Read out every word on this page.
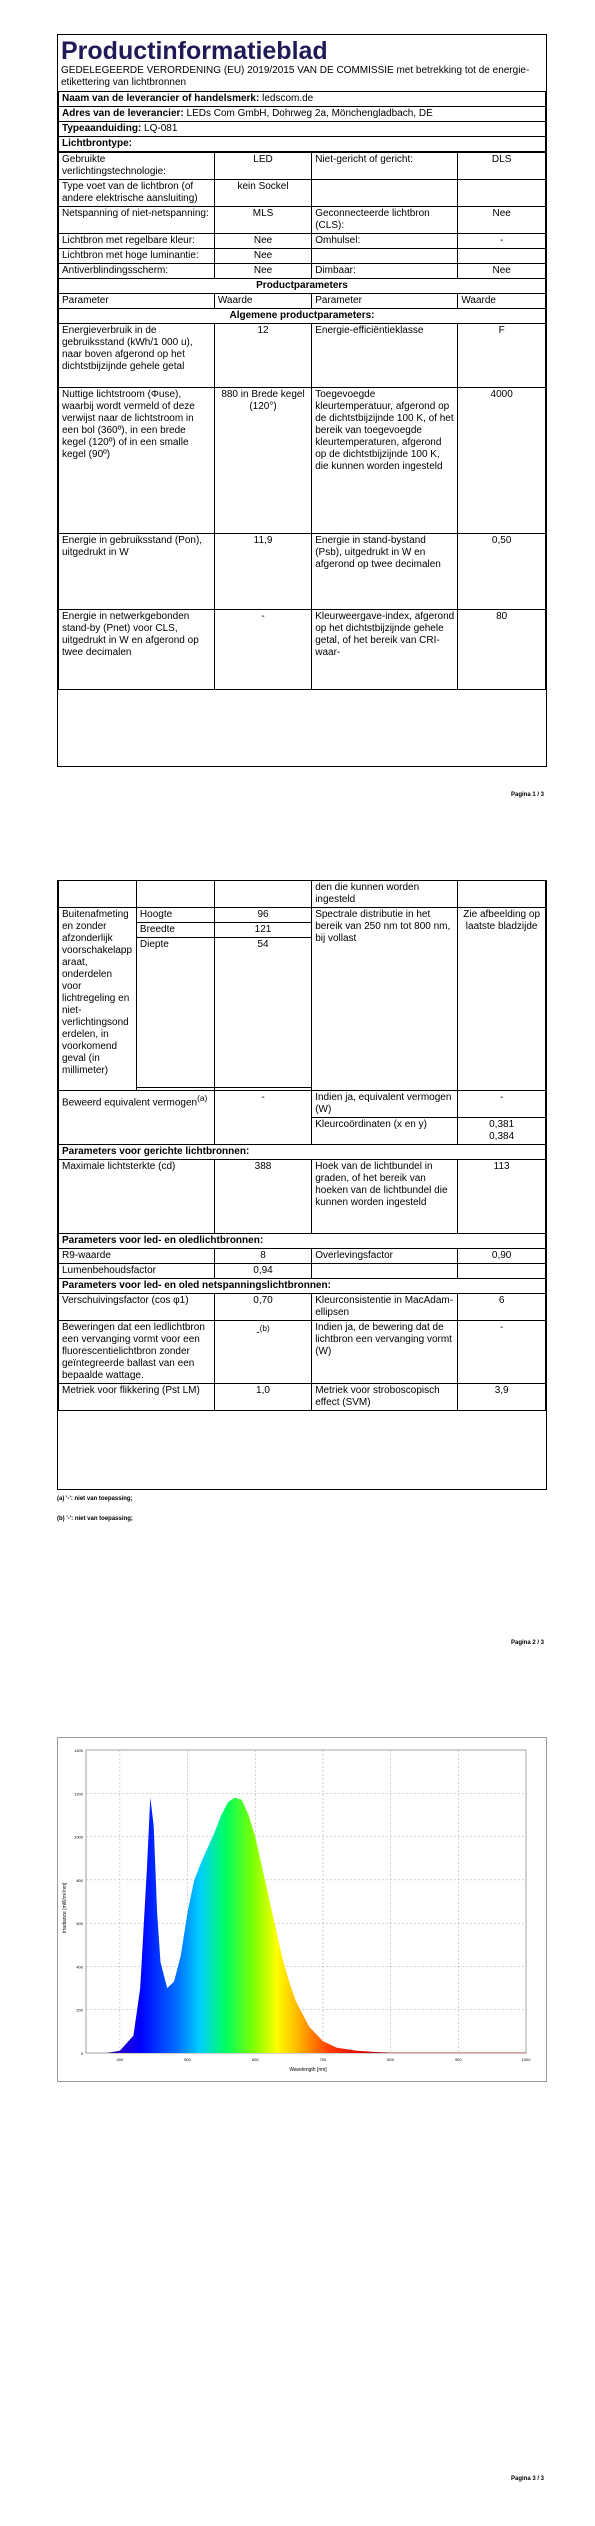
Productinformatieblad
GEDELEGEERDE VERORDENING (EU) 2019/2015 VAN DE COMMISSIE met betrekking tot de energie-etikettering van lichtbronnen
Naam van de leverancier of handelsmerk: ledscom.de
Adres van de leverancier: LEDs Com GmbH, Dohrweg 2a, Mönchengladbach, DE
Typeaanduiding: LQ-081
Lichtbrontype:
Gebruikte verlichtingstechnologie:	LED	Niet-gericht of gericht:	DLS
Type voet van de lichtbron (of andere elektrische aansluiting)	kein Sockel		
Netspanning of niet-netspanning:	MLS	Geconnecteerde lichtbron (CLS):	Nee
Lichtbron met regelbare kleur:	Nee	Omhulsel:	-
Lichtbron met hoge luminantie:	Nee		
Antiverblindingsscherm:	Nee	Dimbaar:	Nee
Productparameters			
Parameter	Waarde	Parameter	Waarde
Algemene productparameters:			
Energieverbruik in de gebruiksstand (kWh/1 000 u), naar boven afgerond op het dichtstbijzijnde gehele getal	12	Energie-efficiëntieklasse	F
Nuttige lichtstroom (Φuse), waarbij wordt vermeld of deze verwijst naar de lichtstroom in een bol (360º), in een brede kegel (120º) of in een smalle kegel (90º)	880 in Brede kegel (120°)	Toegevoegde kleurtemperatuur, afgerond op de dichtstbijzijnde 100 K, of het bereik van toegevoegde kleurtemperaturen, afgerond op de dichtstbijzijnde 100 K, die kunnen worden ingesteld	4000
Energie in gebruiksstand (Pon), uitgedrukt in W	11,9	Energie in stand-bystand (Psb), uitgedrukt in W en afgerond op twee decimalen	0,50
Energie in netwerkgebonden stand-by (Pnet) voor CLS, uitgedrukt in W en afgerond op twee decimalen	-	Kleurweergave-index, afgerond op het dichtstbijzijnde gehele getal, of het bereik van CRI-waar-	80
Pagina 1 / 3
			den die kunnen worden ingesteld	
Buitenafmetingen zonder afzonderlijk voorschakelapparaat, onderdelen voor lichtregeling en niet-verlichtingsonderdelen, in voorkomend geval (in millimeter)	Hoogte	96	Spectrale distributie in het bereik van 250 nm tot 800 nm, bij vollast	Zie afbeelding op laatste bladzijde
	Breedte	121		
	Diepte	54		

Beweerd equivalent vermogen$^{(a)}$		-	Indien ja, equivalent vermogen (W)	-
			Kleurcoördinaten (x en y)	0,381
0,384

Parameters voor gerichte lichtbronnen:				
Maximale lichtsterkte (cd)		388	Hoek van de lichtbundel in graden, of het bereik van hoeken van de lichtbundel die kunnen worden ingesteld	113
Parameters voor led- en oledlichtbronnen:				
R9-waarde		8	Overlevingsfactor	0,90
Lumenbehoudsfactor		0,94		
Parameters voor led- en oled netspanningslichtbronnen:				
Verschuivingsfactor (cos φ1)		0,70	Kleurconsistentie in MacAdam-ellipsen	6
Beweringen dat een ledlichtbron een vervanging vormt voor een fluorescentielichtbron zonder geïntegreerde ballast van een bepaalde wattage.		-$^{(b)}$	Indien ja, de bewering dat de lichtbron een vervanging vormt (W)	-
Metriek voor flikkering (Pst LM)		1,0	Metriek voor stroboscopisch effect (SVM)	3,9
(a) '-': niet van toepassing;
(b) '-': niet van toepassing;
Pagina 2 / 3
0
200
400
600
800
1000
1200
1400
400	500	600	700	800	900	1000
Wavelength [nm]
Irradiance [mW/m²/nm]
Pagina 3 / 3
